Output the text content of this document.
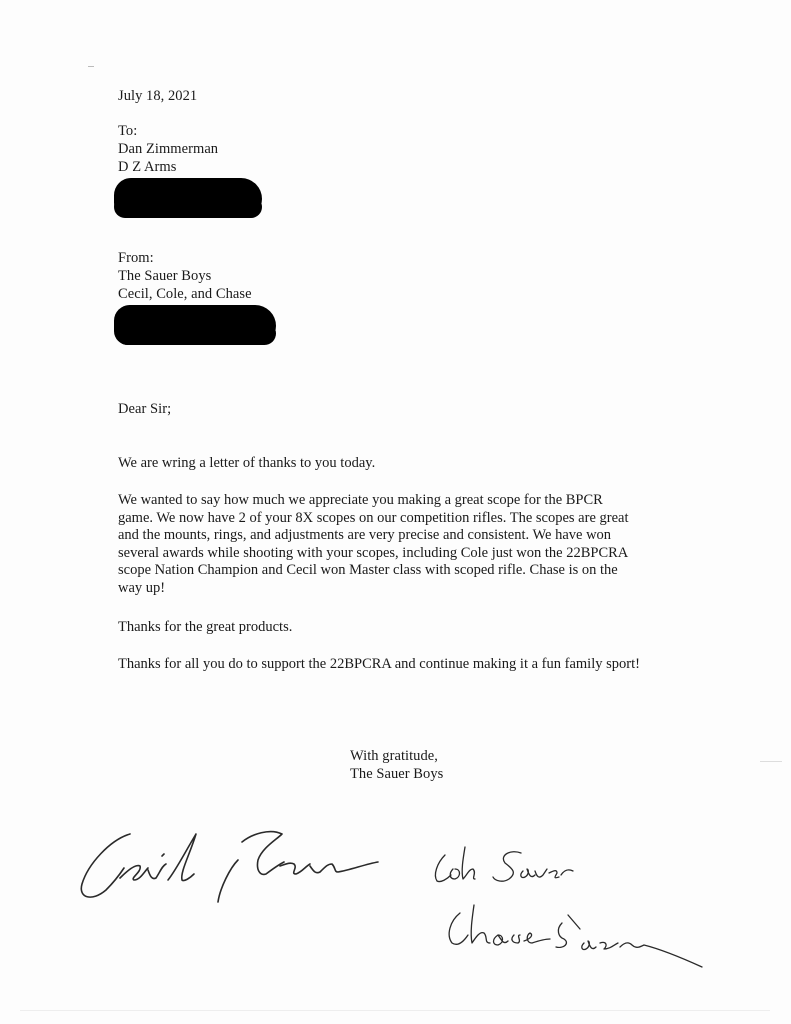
July 18, 2021
To:
Dan Zimmerman
D Z Arms
From:
The Sauer Boys
Cecil, Cole, and Chase
Dear Sir;
We are wring a letter of thanks to you today.
We wanted to say how much we appreciate you making a great scope for the BPCR
game. We now have 2 of your 8X scopes on our competition rifles. The scopes are great
and the mounts, rings, and adjustments are very precise and consistent. We have won
several awards while shooting with your scopes, including Cole just won the 22BPCRA
scope Nation Champion and Cecil won Master class with scoped rifle. Chase is on the
way up!
Thanks for the great products.
Thanks for all you do to support the 22BPCRA and continue making it a fun family sport!
With gratitude,
The Sauer Boys
